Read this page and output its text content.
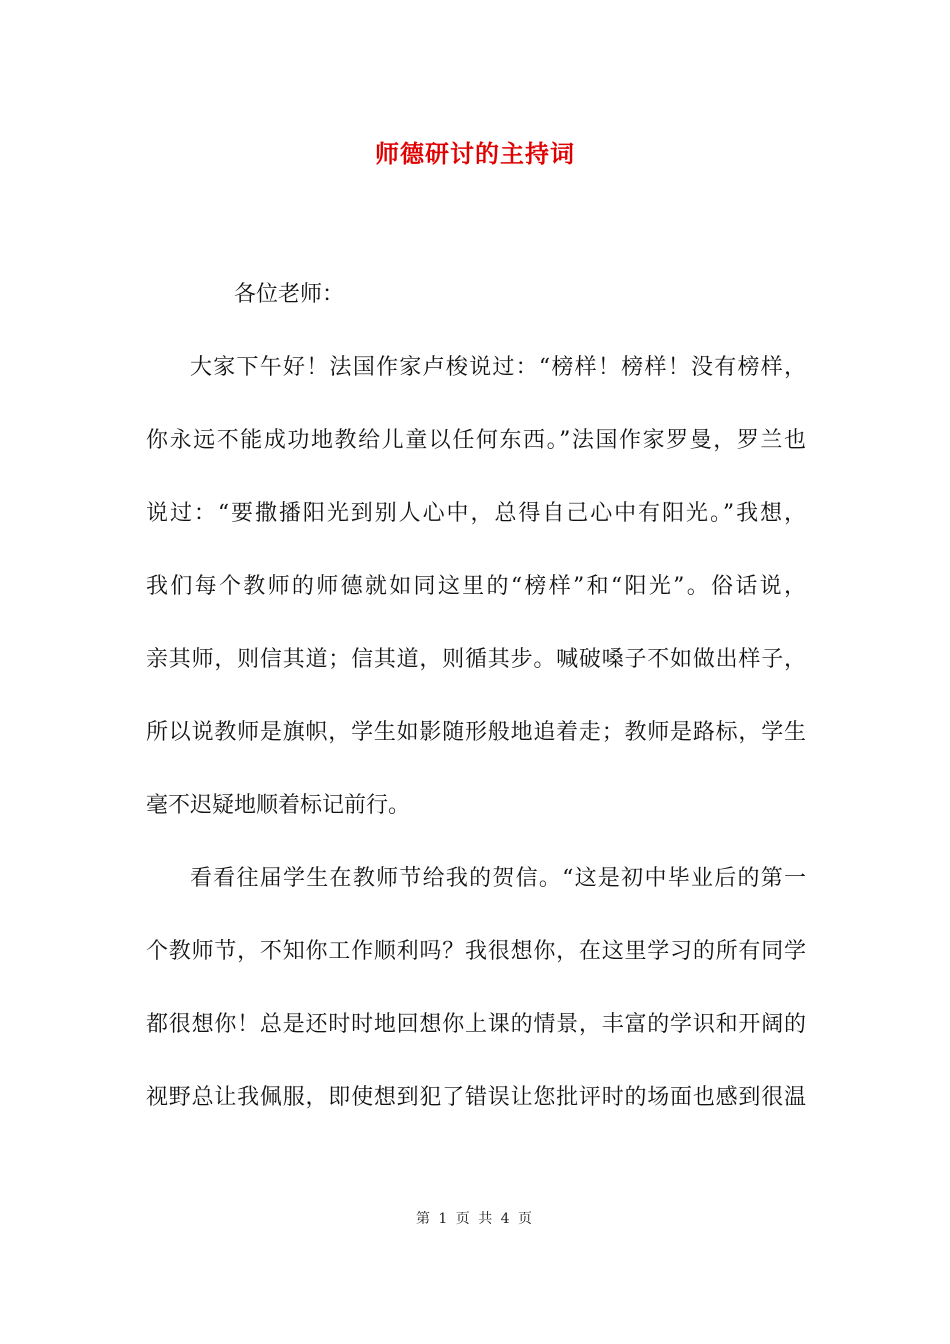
师德研讨的主持词
各位老师：
大家下午好！法国作家卢梭说过：“榜样！榜样！没有榜样，
你永远不能成功地教给儿童以任何东西。”法国作家罗曼，罗兰也
说过：“要撒播阳光到别人心中，总得自己心中有阳光。”我想，
我们每个教师的师德就如同这里的“榜样”和“阳光”。俗话说，
亲其师，则信其道；信其道，则循其步。喊破嗓子不如做出样子，
所以说教师是旗帜，学生如影随形般地追着走；教师是路标，学生
毫不迟疑地顺着标记前行。
看看往届学生在教师节给我的贺信。“这是初中毕业后的第一
个教师节，不知你工作顺利吗？我很想你，在这里学习的所有同学
都很想你！总是还时时地回想你上课的情景，丰富的学识和开阔的
视野总让我佩服，即使想到犯了错误让您批评时的场面也感到很温
第 1 页 共 4 页
